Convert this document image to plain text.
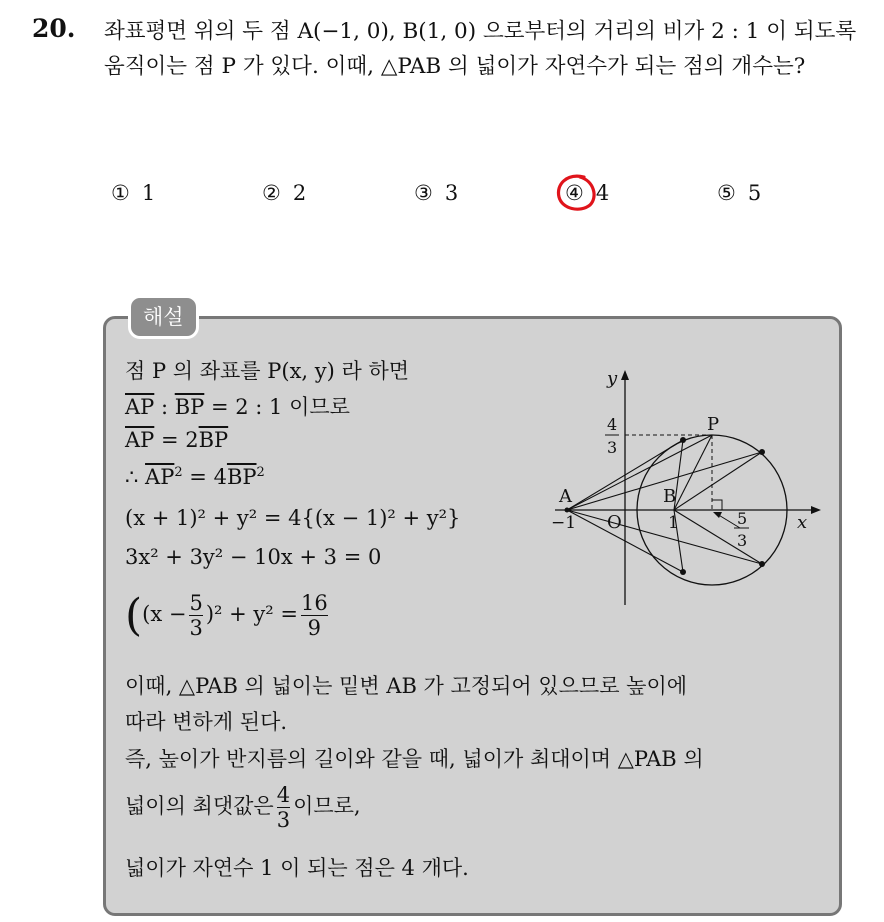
20. 좌표평면 위의 두 점 A(−1, 0), B(1, 0) 으로부터의 거리의 비가 2 : 1 이 되도록 움직이는 점 P 가 있다. 이때, △PAB 의 넓이가 자연수가 되는 점의 개수는?
① 1	② 2	③ 3	④ 4	⑤ 5
해설
점 P 의 좌표를 P(x, y) 라 하면
$\overline{AP}$ : $\overline{BP} = 2$ : 1 이므로
$\overline{AP} = 2\overline{BP}$
∴ $\overline{AP}^2 = 4\overline{BP}^2$
(x + 1)² + y² = 4{(x − 1)² + y²}
3x² + 3y² − 10x + 3 = 0
($(x - \frac{5}{3} )^2 + y^2 = \frac{16}{9}$
이때, △PAB 의 넓이는 밑변 AB 가 고정되어 있으므로 높이에
따라 변하게 된다.
즉, 높이가 반지름의 길이와 같을 때, 넓이가 최대이며 △PAB 의
넓이의 최댓값은 $\frac{4}{3}$ 이므로,
넓이가 자연수 1 이 되는 점은 4 개다.
y
x
4
3
P
A	B
O
−1	1	5
3
